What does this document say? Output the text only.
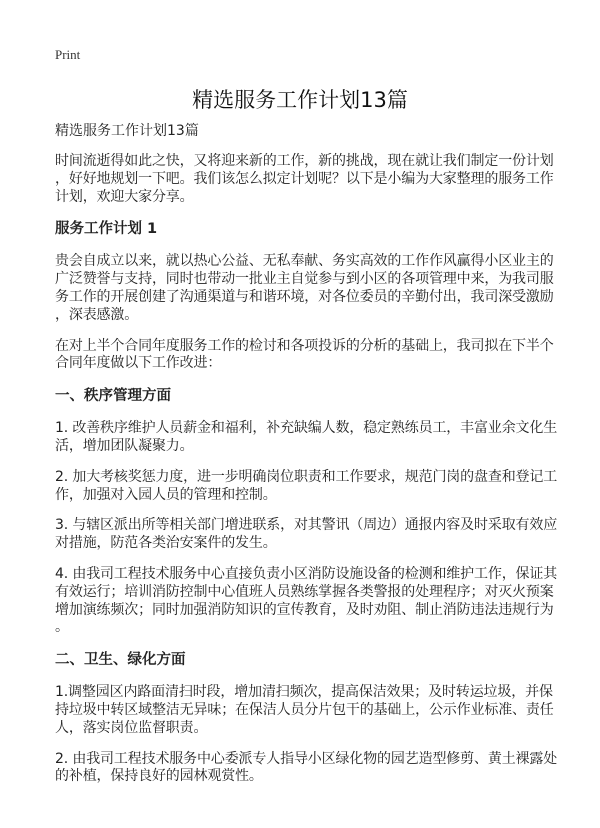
Print
精选服务工作计划13篇
精选服务工作计划13篇
时间流逝得如此之快，又将迎来新的工作，新的挑战，现在就让我们制定一份计划
，好好地规划一下吧。我们该怎么拟定计划呢？以下是小编为大家整理的服务工作
计划，欢迎大家分享。
服务工作计划 1
贵会自成立以来，就以热心公益、无私奉献、务实高效的工作作风赢得小区业主的
广泛赞誉与支持，同时也带动一批业主自觉参与到小区的各项管理中来，为我司服
务工作的开展创建了沟通渠道与和谐环境，对各位委员的辛勤付出，我司深受激励
，深表感激。
在对上半个合同年度服务工作的检讨和各项投诉的分析的基础上，我司拟在下半个
合同年度做以下工作改进：
一、秩序管理方面
1. 改善秩序维护人员薪金和福利，补充缺编人数，稳定熟练员工，丰富业余文化生
活，增加团队凝聚力。
2. 加大考核奖惩力度，进一步明确岗位职责和工作要求，规范门岗的盘查和登记工
作，加强对入园人员的管理和控制。
3. 与辖区派出所等相关部门增进联系，对其警讯（周边）通报内容及时采取有效应
对措施，防范各类治安案件的发生。
4. 由我司工程技术服务中心直接负责小区消防设施设备的检测和维护工作，保证其
有效运行；培训消防控制中心值班人员熟练掌握各类警报的处理程序；对灭火预案
增加演练频次；同时加强消防知识的宣传教育，及时劝阻、制止消防违法违规行为
。
二、卫生、绿化方面
1.调整园区内路面清扫时段，增加清扫频次，提高保洁效果；及时转运垃圾，并保
持垃圾中转区域整洁无异味；在保洁人员分片包干的基础上，公示作业标准、责任
人，落实岗位监督职责。
2. 由我司工程技术服务中心委派专人指导小区绿化物的园艺造型修剪、黄土裸露处
的补植，保持良好的园林观赏性。
